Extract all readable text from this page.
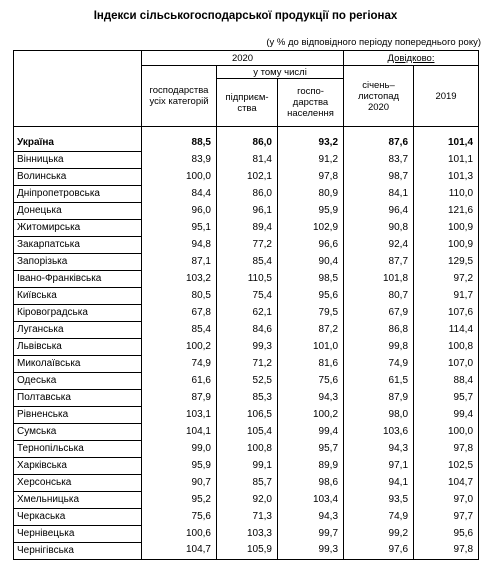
Індекси сільськогосподарської продукції по регіонах
(у % до відповідного періоду попереднього року)
	2020			Довідково:	
	господарства усіх категорій	у тому числі		січень–листопад 2020	2019
		підприєм-ства	госпо-дарства населення		

Україна	88,5	86,0	93,2	87,6	101,4
Вінницька	83,9	81,4	91,2	83,7	101,1
Волинська	100,0	102,1	97,8	98,7	101,3
Дніпропетровська	84,4	86,0	80,9	84,1	110,0
Донецька	96,0	96,1	95,9	96,4	121,6
Житомирська	95,1	89,4	102,9	90,8	100,9
Закарпатська	94,8	77,2	96,6	92,4	100,9
Запорізька	87,1	85,4	90,4	87,7	129,5
Івано-Франківська	103,2	110,5	98,5	101,8	97,2
Київська	80,5	75,4	95,6	80,7	91,7
Кіровоградська	67,8	62,1	79,5	67,9	107,6
Луганська	85,4	84,6	87,2	86,8	114,4
Львівська	100,2	99,3	101,0	99,8	100,8
Миколаївська	74,9	71,2	81,6	74,9	107,0
Одеська	61,6	52,5	75,6	61,5	88,4
Полтавська	87,9	85,3	94,3	87,9	95,7
Рівненська	103,1	106,5	100,2	98,0	99,4
Сумська	104,1	105,4	99,4	103,6	100,0
Тернопільська	99,0	100,8	95,7	94,3	97,8
Харківська	95,9	99,1	89,9	97,1	102,5
Херсонська	90,7	85,7	98,6	94,1	104,7
Хмельницька	95,2	92,0	103,4	93,5	97,0
Черкаська	75,6	71,3	94,3	74,9	97,7
Чернівецька	100,6	103,3	99,7	99,2	95,6
Чернігівська	104,7	105,9	99,3	97,6	97,8
